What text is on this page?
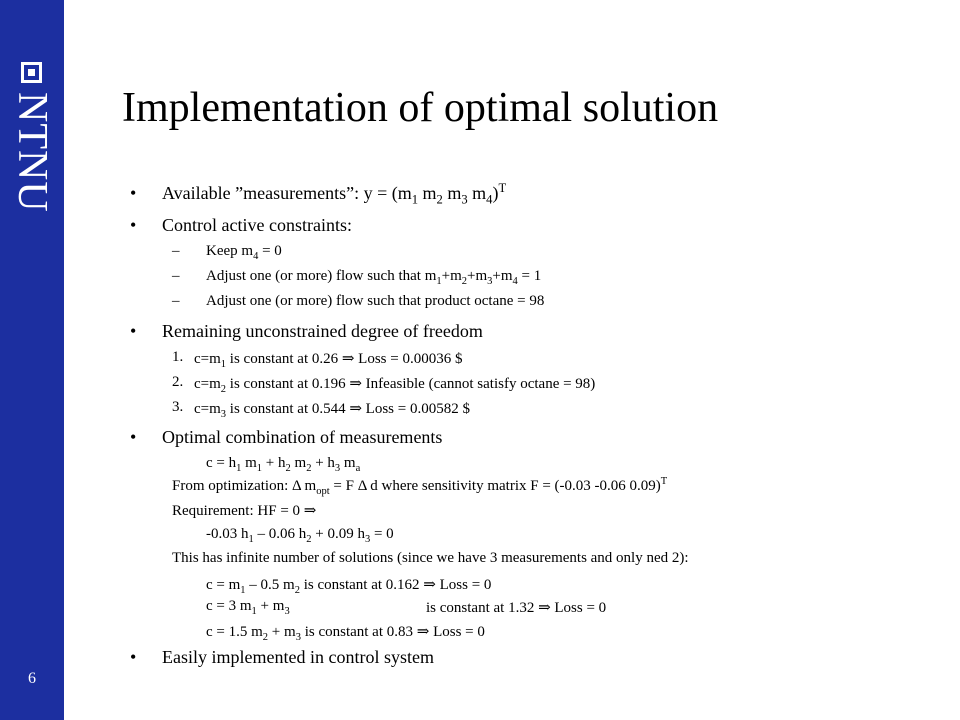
NTNU
6
Implementation of optimal solution
• Available ”measurements”: $y = (m_1$ $m_2$ $m_3$ $m_4)^T$
• Control active constraints:
– Keep $m_4 = 0$
– Adjust one (or more) flow such that $m_1+m_2+m_3+m_4 = 1$
– Adjust one (or more) flow such that product octane = 98
• Remaining unconstrained degree of freedom
1. $c=m_1$ is constant at 0.26 ⇒ Loss = 0.00036 $
2. $c=m_2$ is constant at 0.196 ⇒ Infeasible (cannot satisfy octane = 98)
3. $c=m_3$ is constant at 0.544 ⇒ Loss = 0.00582 $
• Optimal combination of measurements
$c = h_1$ $m_1 + h_2$ $m_2 + h_3$ $m_a$
From optimization: Δ $m_{opt} = F$ Δ d where sensitivity matrix F = (-0.03 -0.06 0.09)$^T$
Requirement: HF = 0 ⇒
-0.03 $h_1 - 0.06$ $h_2 + 0.09$ $h_3 = 0$
This has infinite number of solutions (since we have 3 measurements and only ned 2):
$c = m_1 - 0.5$ $m_2$ is constant at 0.162 ⇒ Loss = 0
c = 3 $m_1 + m_3$	is constant at 1.32 ⇒ Loss = 0
c = 1.5 $m_2 + m_3$ is constant at 0.83 ⇒ Loss = 0
• Easily implemented in control system
